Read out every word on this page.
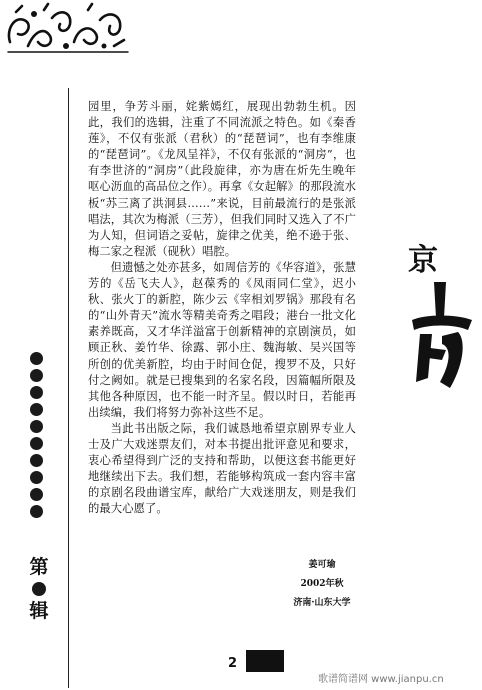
园里，争芳斗丽，姹紫嫣红，展现出勃勃生机。因此，我们的选辑，注重了不同流派之特色。如《秦香莲》，不仅有张派（君秋）的“琵琶词”，也有李维康的“琵琶词”。《龙凤呈祥》，不仅有张派的“洞房”，也有李世济的“洞房”（此段旋律，亦为唐在炘先生晚年呕心沥血的高品位之作）。再拿《女起解》的那段流水板“苏三离了洪洞县……”来说，目前最流行的是张派唱法，其次为梅派（三芳），但我们同时又选入了不广为人知，但词语之妥帖，旋律之优美，绝不逊于张、梅二家之程派（砚秋）唱腔。

但遗憾之处亦甚多，如周信芳的《华容道》，张慧芳的《岳飞夫人》，赵葆秀的《凤雨同仁堂》，迟小秋、张火丁的新腔，陈少云《宰相刘罗锅》那段有名的“山外青天”流水等精美奇秀之唱段；港台一批文化素养既高，又才华洋溢富于创新精神的京剧演员，如顾正秋、姜竹华、徐露、郭小庄、魏海敏、吴兴国等所创的优美新腔，均由于时间仓促，搜罗不及，只好付之阙如。就是已搜集到的名家名段，因篇幅所限及其他各种原因，也不能一时齐呈。假以时日，若能再出续编，我们将努力弥补这些不足。

当此书出版之际，我们诚恳地希望京剧界专业人士及广大戏迷票友们，对本书提出批评意见和要求，衷心希望得到广泛的支持和帮助，以便这套书能更好地继续出下去。我们想，若能够构筑成一套内容丰富的京剧名段曲谱宝库，献给广大戏迷朋友，则是我们的最大心愿了。

姜可瑜
2002年秋
济南·山东大学
京
第
辑
2
歌谱简谱网 www.jianpu.cn
